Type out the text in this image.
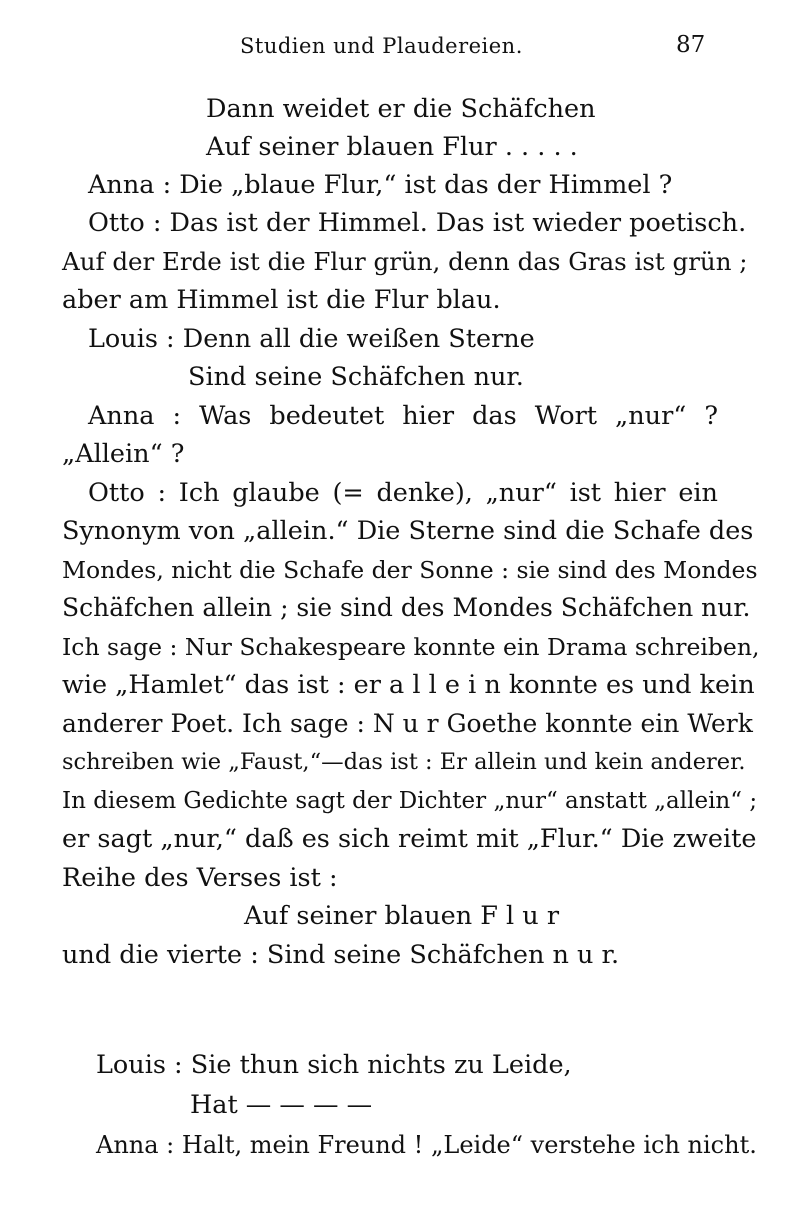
Studien und Plaudereien.	87
Dann weidet er die Schäfchen
Auf seiner blauen Flur . . . . .
Anna : Die „blaue Flur,“ ist das der Himmel ?
Otto : Das ist der Himmel. Das ist wieder poetisch.
Auf der Erde ist die Flur grün, denn das Gras ist grün ;
aber am Himmel ist die Flur blau.
Louis : Denn all die weißen Sterne
Sind seine Schäfchen nur.
Anna : Was bedeutet hier das Wort „nur“ ?
„Allein“ ?
Otto : Ich glaube (= denke), „nur“ ist hier ein
Synonym von „allein.“ Die Sterne sind die Schafe des
Mondes, nicht die Schafe der Sonne : sie sind des Mondes
Schäfchen allein ; sie sind des Mondes Schäfchen nur.
Ich sage : Nur Schakespeare konnte ein Drama schreiben,
wie „Hamlet“ das ist : er a l l e i n konnte es und kein
anderer Poet. Ich sage : N u r Goethe konnte ein Werk
schreiben wie „Faust,“—das ist : Er allein und kein anderer.
In diesem Gedichte sagt der Dichter „nur“ anstatt „allein“ ;
er sagt „nur,“ daß es sich reimt mit „Flur.“ Die zweite
Reihe des Verses ist :
Auf seiner blauen F l u r
und die vierte : Sind seine Schäfchen n u r.
Louis : Sie thun sich nichts zu Leide,
Hat — — — —
Anna : Halt, mein Freund ! „Leide“ verstehe ich nicht.
